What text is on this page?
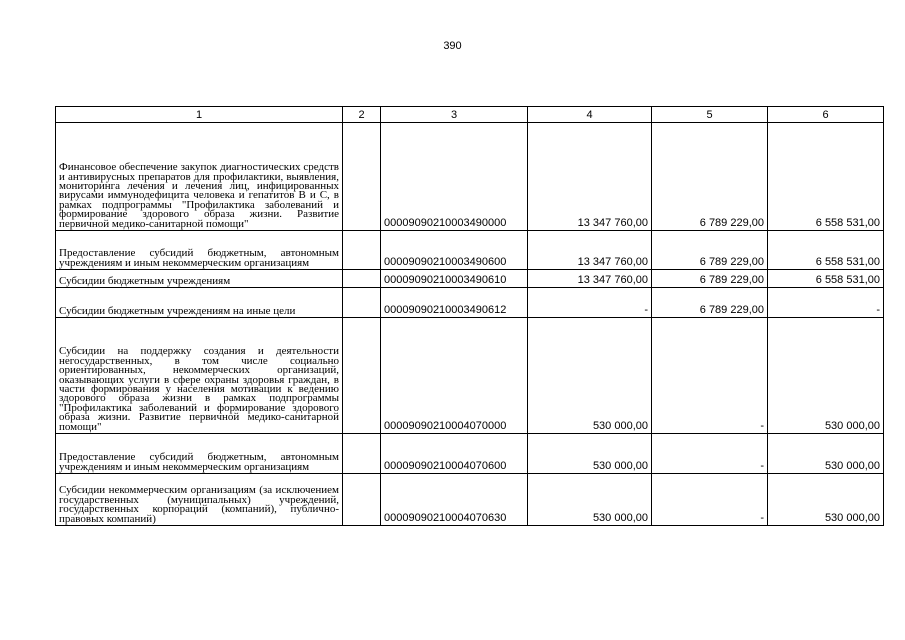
390
1	2	3	4	5	6
Финансовое обеспечение закупок диагностических средств и антивирусных препаратов для профилактики, выявления, мониторинга лечения и лечения лиц, инфицированных вирусами иммунодефицита человека и гепатитов В и С, в рамках подпрограммы "Профилактика заболеваний и формирование здорового образа жизни. Развитие первичной медико-санитарной помощи"		00009090210003490000	13 347 760,00	6 789 229,00	6 558 531,00
Предоставление субсидий бюджетным, автономным учреждениям и иным некоммерческим организациям		00009090210003490600	13 347 760,00	6 789 229,00	6 558 531,00
Субсидии бюджетным учреждениям		00009090210003490610	13 347 760,00	6 789 229,00	6 558 531,00
Субсидии бюджетным учреждениям на иные цели		00009090210003490612	-	6 789 229,00	-
Субсидии на поддержку создания и деятельности негосударственных, в том числе социально ориентированных, некоммерческих организаций, оказывающих услуги в сфере охраны здоровья граждан, в части формирования у населения мотивации к ведению здорового образа жизни в рамках подпрограммы "Профилактика заболеваний и формирование здорового образа жизни. Развитие первичной медико-санитарной помощи"		00009090210004070000	530 000,00	-	530 000,00
Предоставление субсидий бюджетным, автономным учреждениям и иным некоммерческим организациям		00009090210004070600	530 000,00	-	530 000,00
Субсидии некоммерческим организациям (за исключением государственных (муниципальных) учреждений, государственных корпораций (компаний), публично-правовых компаний)		00009090210004070630	530 000,00	-	530 000,00
